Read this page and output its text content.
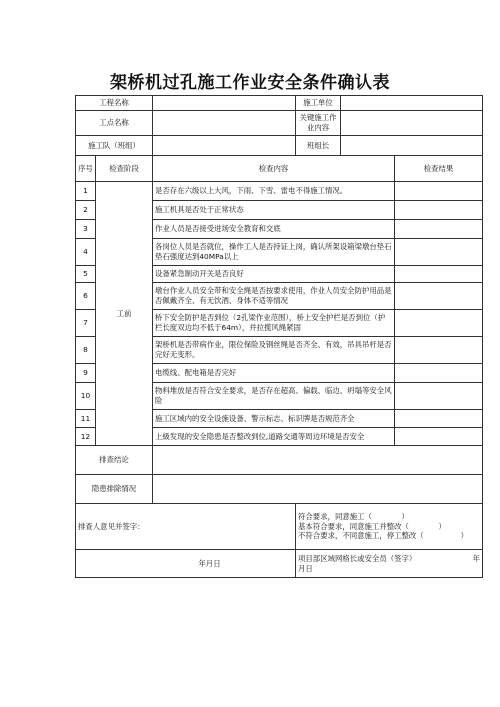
架桥机过孔施工作业安全条件确认表
工程名称			施工单位		
工点名称			关键施工作业内容		
施工队（班组）			班组长		
序号	检查阶段	检查内容			检查结果
1	工前	是否存在六级以上大风，下雨、下雪、雷电不得施工情况。			
2		施工机具是否处于正常状态			
3		作业人员是否接受进场安全教育和交底			
4		各岗位人员是否就位，操作工人是否持证上岗，确认所架设箱梁墩台垫石垫石强度达到40MPa以上			
5		设备紧急制动开关是否良好			
6		墩台作业人员安全带和安全绳是否按要求使用，作业人员安全防护用品是否佩戴齐全、有无饮酒、身体不适等情况			
7		桥下安全防护是否到位（2孔梁作业范围），桥上安全护栏是否到位（护栏长度双边均不低于64m），并拉揽风绳紧固			
8		架桥机是否带病作业，限位保险及钢丝绳是否齐全、有效，吊具吊杆是否完好无变形。			
9		电缆线、配电箱是否完好			
10		物料堆放是否符合安全要求，是否存在超高、偏载、临边、坍塌等安全风险			
11		施工区域内的安全设施设备、警示标志、标识牌是否规范齐全			
12		上級发现的安全隐患是否整改到位,道路交通等周边环境是否安全			
排查结论					
隐患排除情况					
排查人意见并签字：			符合要求，同意施工（　　　　）
基本符合要求，同意施工并整改（　　　　）
不符合要求，不同意施工，停工整改（　　　　　）		

年月日			项目部区域网格长或安全员（签字） 年
月日		
